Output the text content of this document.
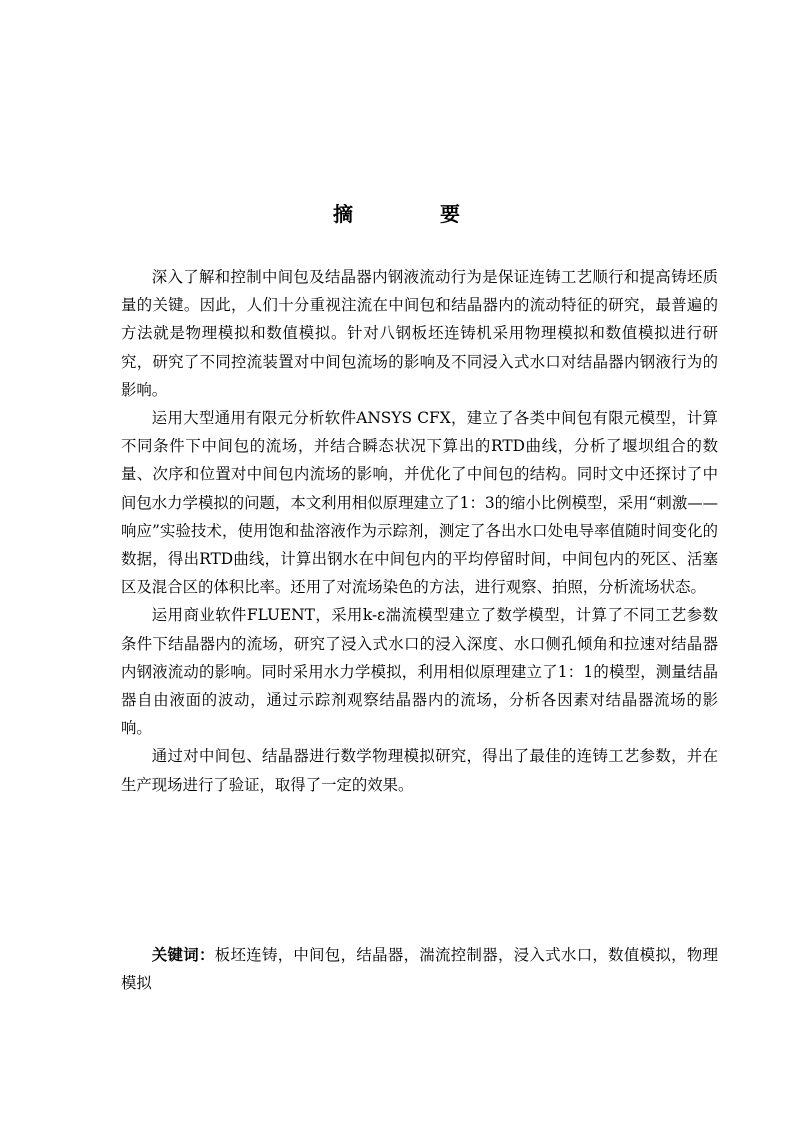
摘 要

深入了解和控制中间包及结晶器内钢液流动行为是保证连铸工艺顺行和提高铸坯质量的关键。因此，人们十分重视注流在中间包和结晶器内的流动特征的研究，最普遍的方法就是物理模拟和数值模拟。针对八钢板坯连铸机采用物理模拟和数值模拟进行研究，研究了不同控流装置对中间包流场的影响及不同浸入式水口对结晶器内钢液行为的影响。

运用大型通用有限元分析软件ANSYS CFX，建立了各类中间包有限元模型，计算不同条件下中间包的流场，并结合瞬态状况下算出的RTD曲线，分析了堰坝组合的数量、次序和位置对中间包内流场的影响，并优化了中间包的结构。同时文中还探讨了中间包水力学模拟的问题，本文利用相似原理建立了1：3的缩小比例模型，采用“刺激——响应”实验技术，使用饱和盐溶液作为示踪剂，测定了各出水口处电导率值随时间变化的数据，得出RTD曲线，计算出钢水在中间包内的平均停留时间，中间包内的死区、活塞区及混合区的体积比率。还用了对流场染色的方法，进行观察、拍照，分析流场状态。

运用商业软件FLUENT，采用k-ε湍流模型建立了数学模型，计算了不同工艺参数条件下结晶器内的流场，研究了浸入式水口的浸入深度、水口侧孔倾角和拉速对结晶器内钢液流动的影响。同时采用水力学模拟，利用相似原理建立了1：1的模型，测量结晶器自由液面的波动，通过示踪剂观察结晶器内的流场，分析各因素对结晶器流场的影响。

通过对中间包、结晶器进行数学物理模拟研究，得出了最佳的连铸工艺参数，并在生产现场进行了验证，取得了一定的效果。

关键词：板坯连铸，中间包，结晶器，湍流控制器，浸入式水口，数值模拟，物理模拟
